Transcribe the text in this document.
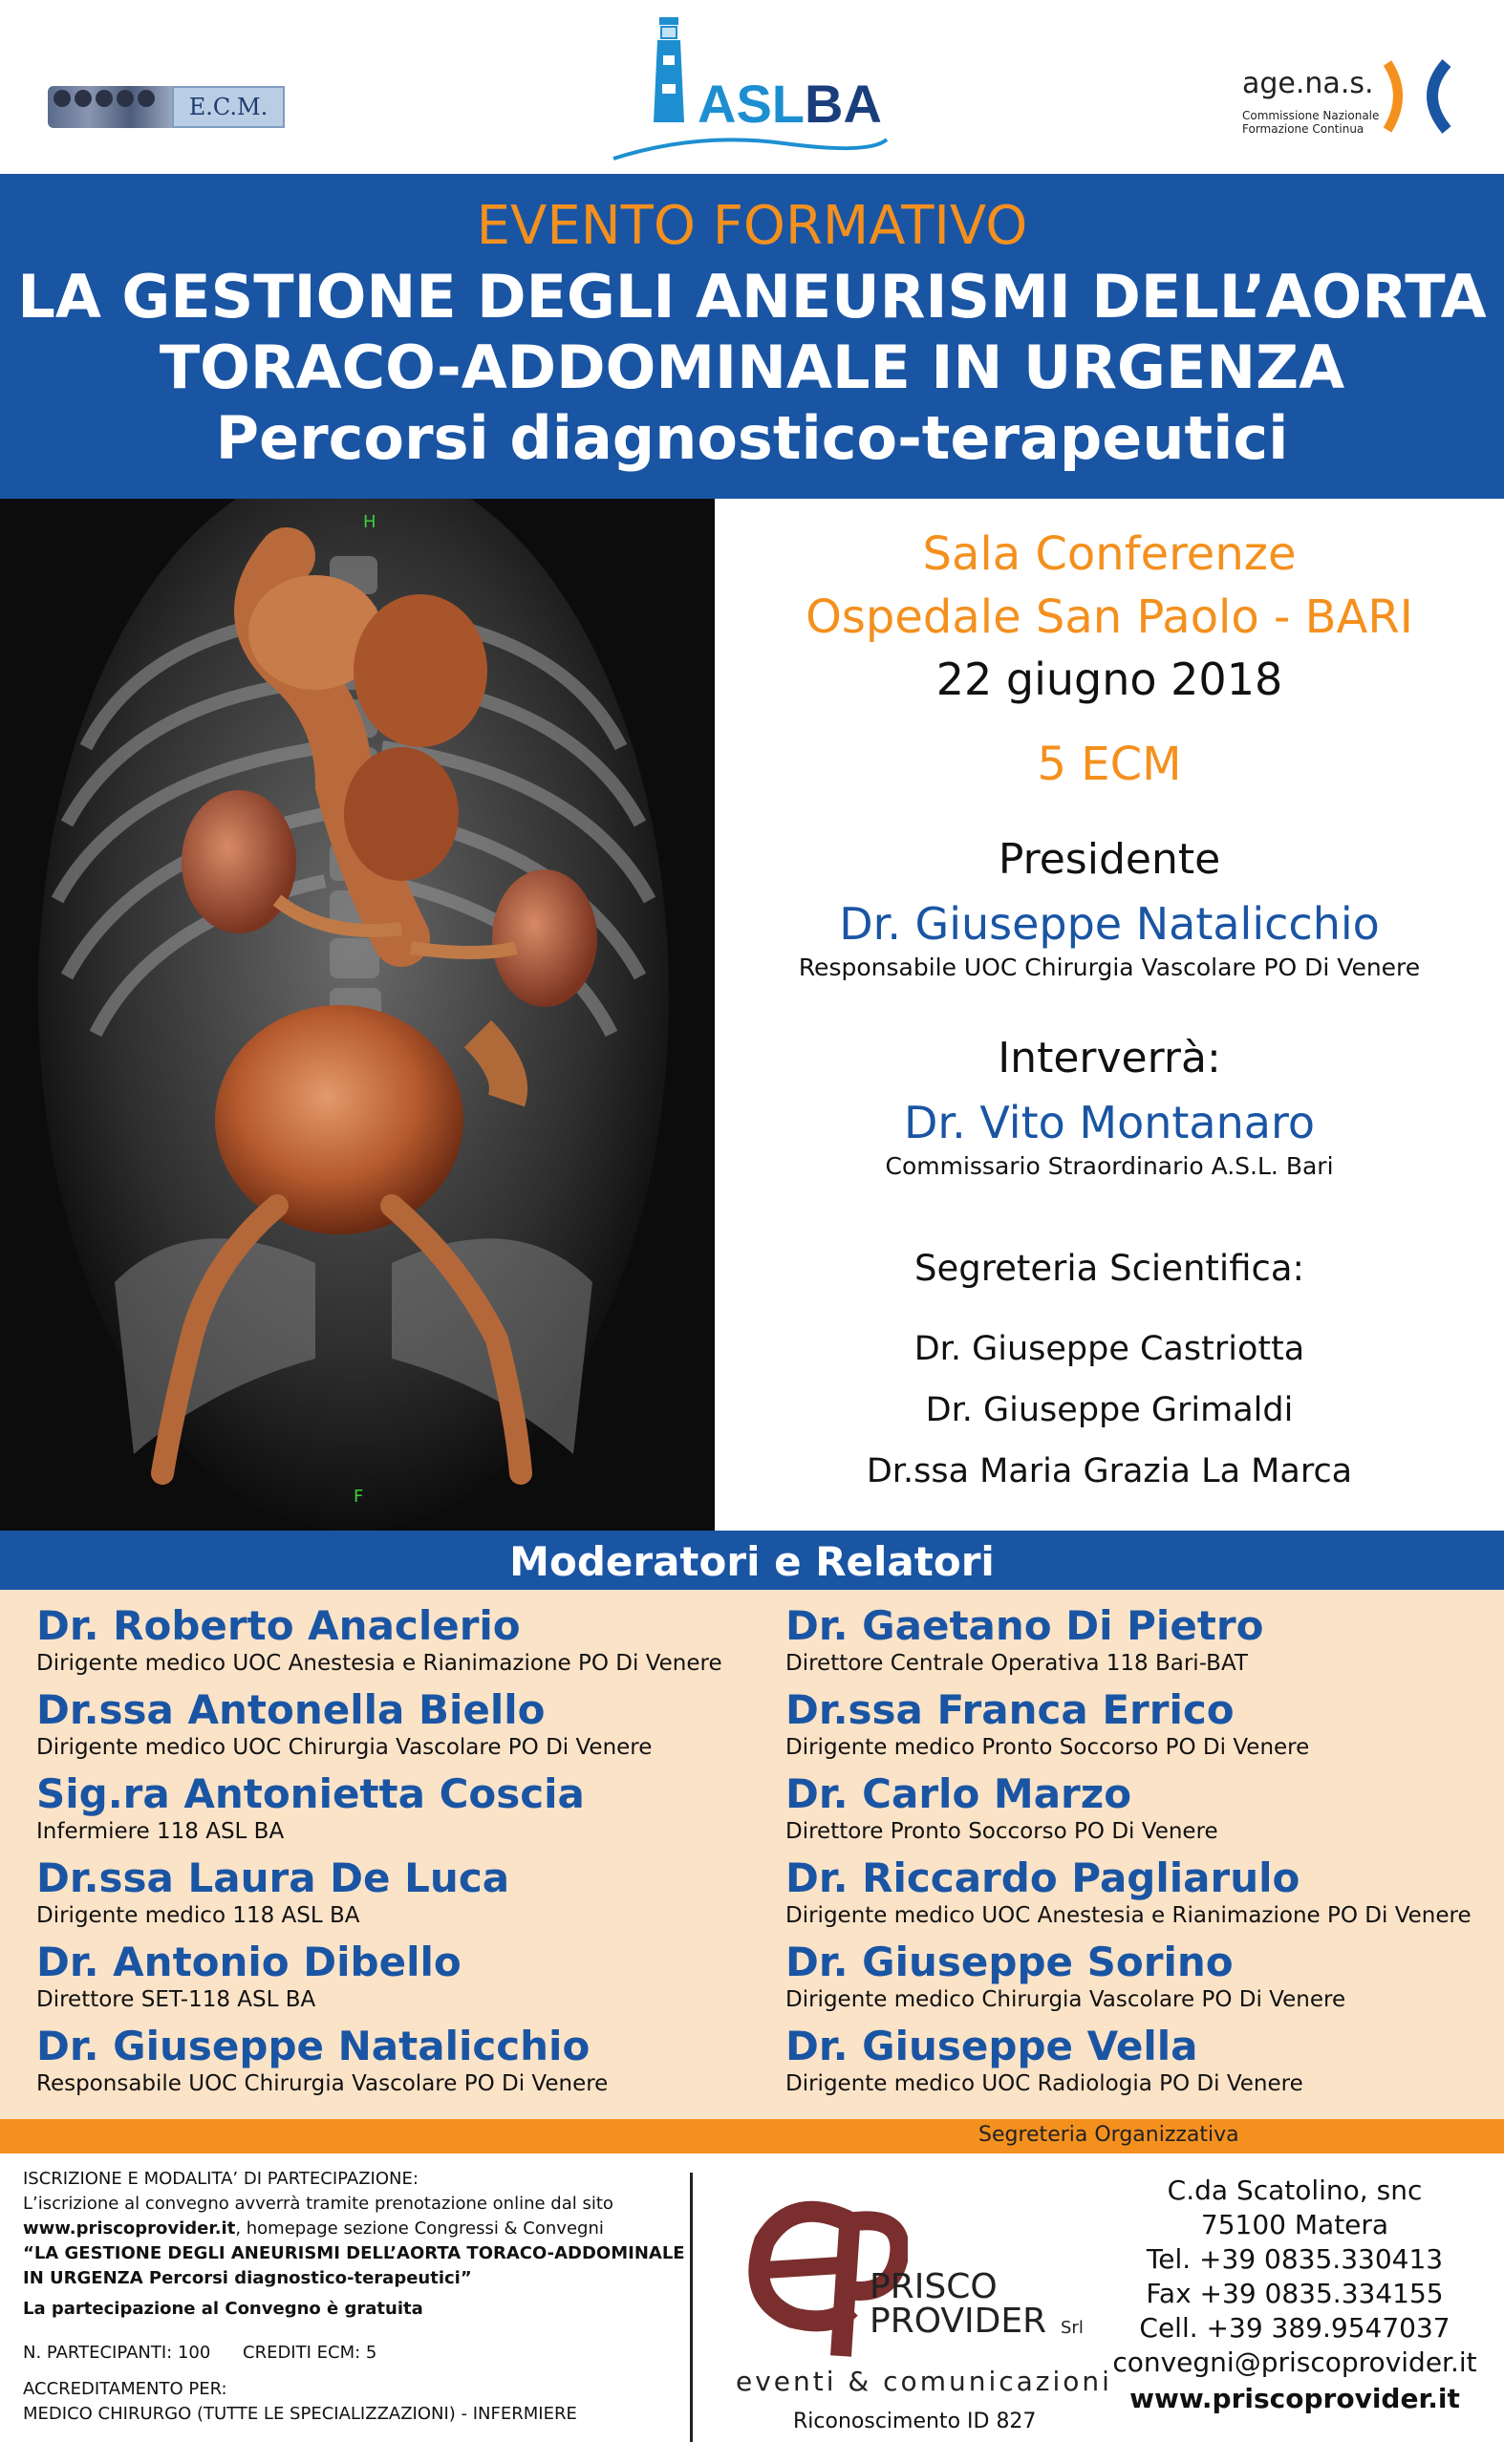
E.C.M.	ASLBA	age.na.s.
Commissione Nazionale
Formazione Continua
EVENTO FORMATIVO
LA GESTIONE DEGLI ANEURISMI DELL’AORTA
TORACO-ADDOMINALE IN URGENZA
Percorsi diagnostico-terapeutici
H
F
Sala Conferenze
Ospedale San Paolo - BARI
22 giugno 2018
5 ECM
Presidente
Dr. Giuseppe Natalicchio
Responsabile UOC Chirurgia Vascolare PO Di Venere
Interverrà:
Dr. Vito Montanaro
Commissario Straordinario A.S.L. Bari
Segreteria Scientifica:
Dr. Giuseppe Castriotta
Dr. Giuseppe Grimaldi
Dr.ssa Maria Grazia La Marca
Moderatori e Relatori
Dr. Roberto Anaclerio
Dirigente medico UOC Anestesia e Rianimazione PO Di Venere
Dr.ssa Antonella Biello
Dirigente medico UOC Chirurgia Vascolare PO Di Venere
Sig.ra Antonietta Coscia
Infermiere 118 ASL BA
Dr.ssa Laura De Luca
Dirigente medico 118 ASL BA
Dr. Antonio Dibello
Direttore SET-118 ASL BA
Dr. Giuseppe Natalicchio
Responsabile UOC Chirurgia Vascolare PO Di Venere
Dr. Gaetano Di Pietro
Direttore Centrale Operativa 118 Bari-BAT
Dr.ssa Franca Errico
Dirigente medico Pronto Soccorso PO Di Venere
Dr. Carlo Marzo
Direttore Pronto Soccorso PO Di Venere
Dr. Riccardo Pagliarulo
Dirigente medico UOC Anestesia e Rianimazione PO Di Venere
Dr. Giuseppe Sorino
Dirigente medico Chirurgia Vascolare PO Di Venere
Dr. Giuseppe Vella
Dirigente medico UOC Radiologia PO Di Venere
Segreteria Organizzativa
ISCRIZIONE E MODALITA’ DI PARTECIPAZIONE:
L’iscrizione al convegno avverrà tramite prenotazione online dal sito
www.priscoprovider.it, homepage sezione Congressi & Convegni
“LA GESTIONE DEGLI ANEURISMI DELL’AORTA TORACO-ADDOMINALE
IN URGENZA Percorsi diagnostico-terapeutici”
La partecipazione al Convegno è gratuita
N. PARTECIPANTI: 100 CREDITI ECM: 5
ACCREDITAMENTO PER:
MEDICO CHIRURGO (TUTTE LE SPECIALIZZAZIONI) - INFERMIERE
PRISCO
PROVIDER Srl
eventi & comunicazioni
Riconoscimento ID 827
C.da Scatolino, snc
75100 Matera
Tel. +39 0835.330413
Fax +39 0835.334155
Cell. +39 389.9547037
convegni@priscoprovider.it
www.priscoprovider.it
